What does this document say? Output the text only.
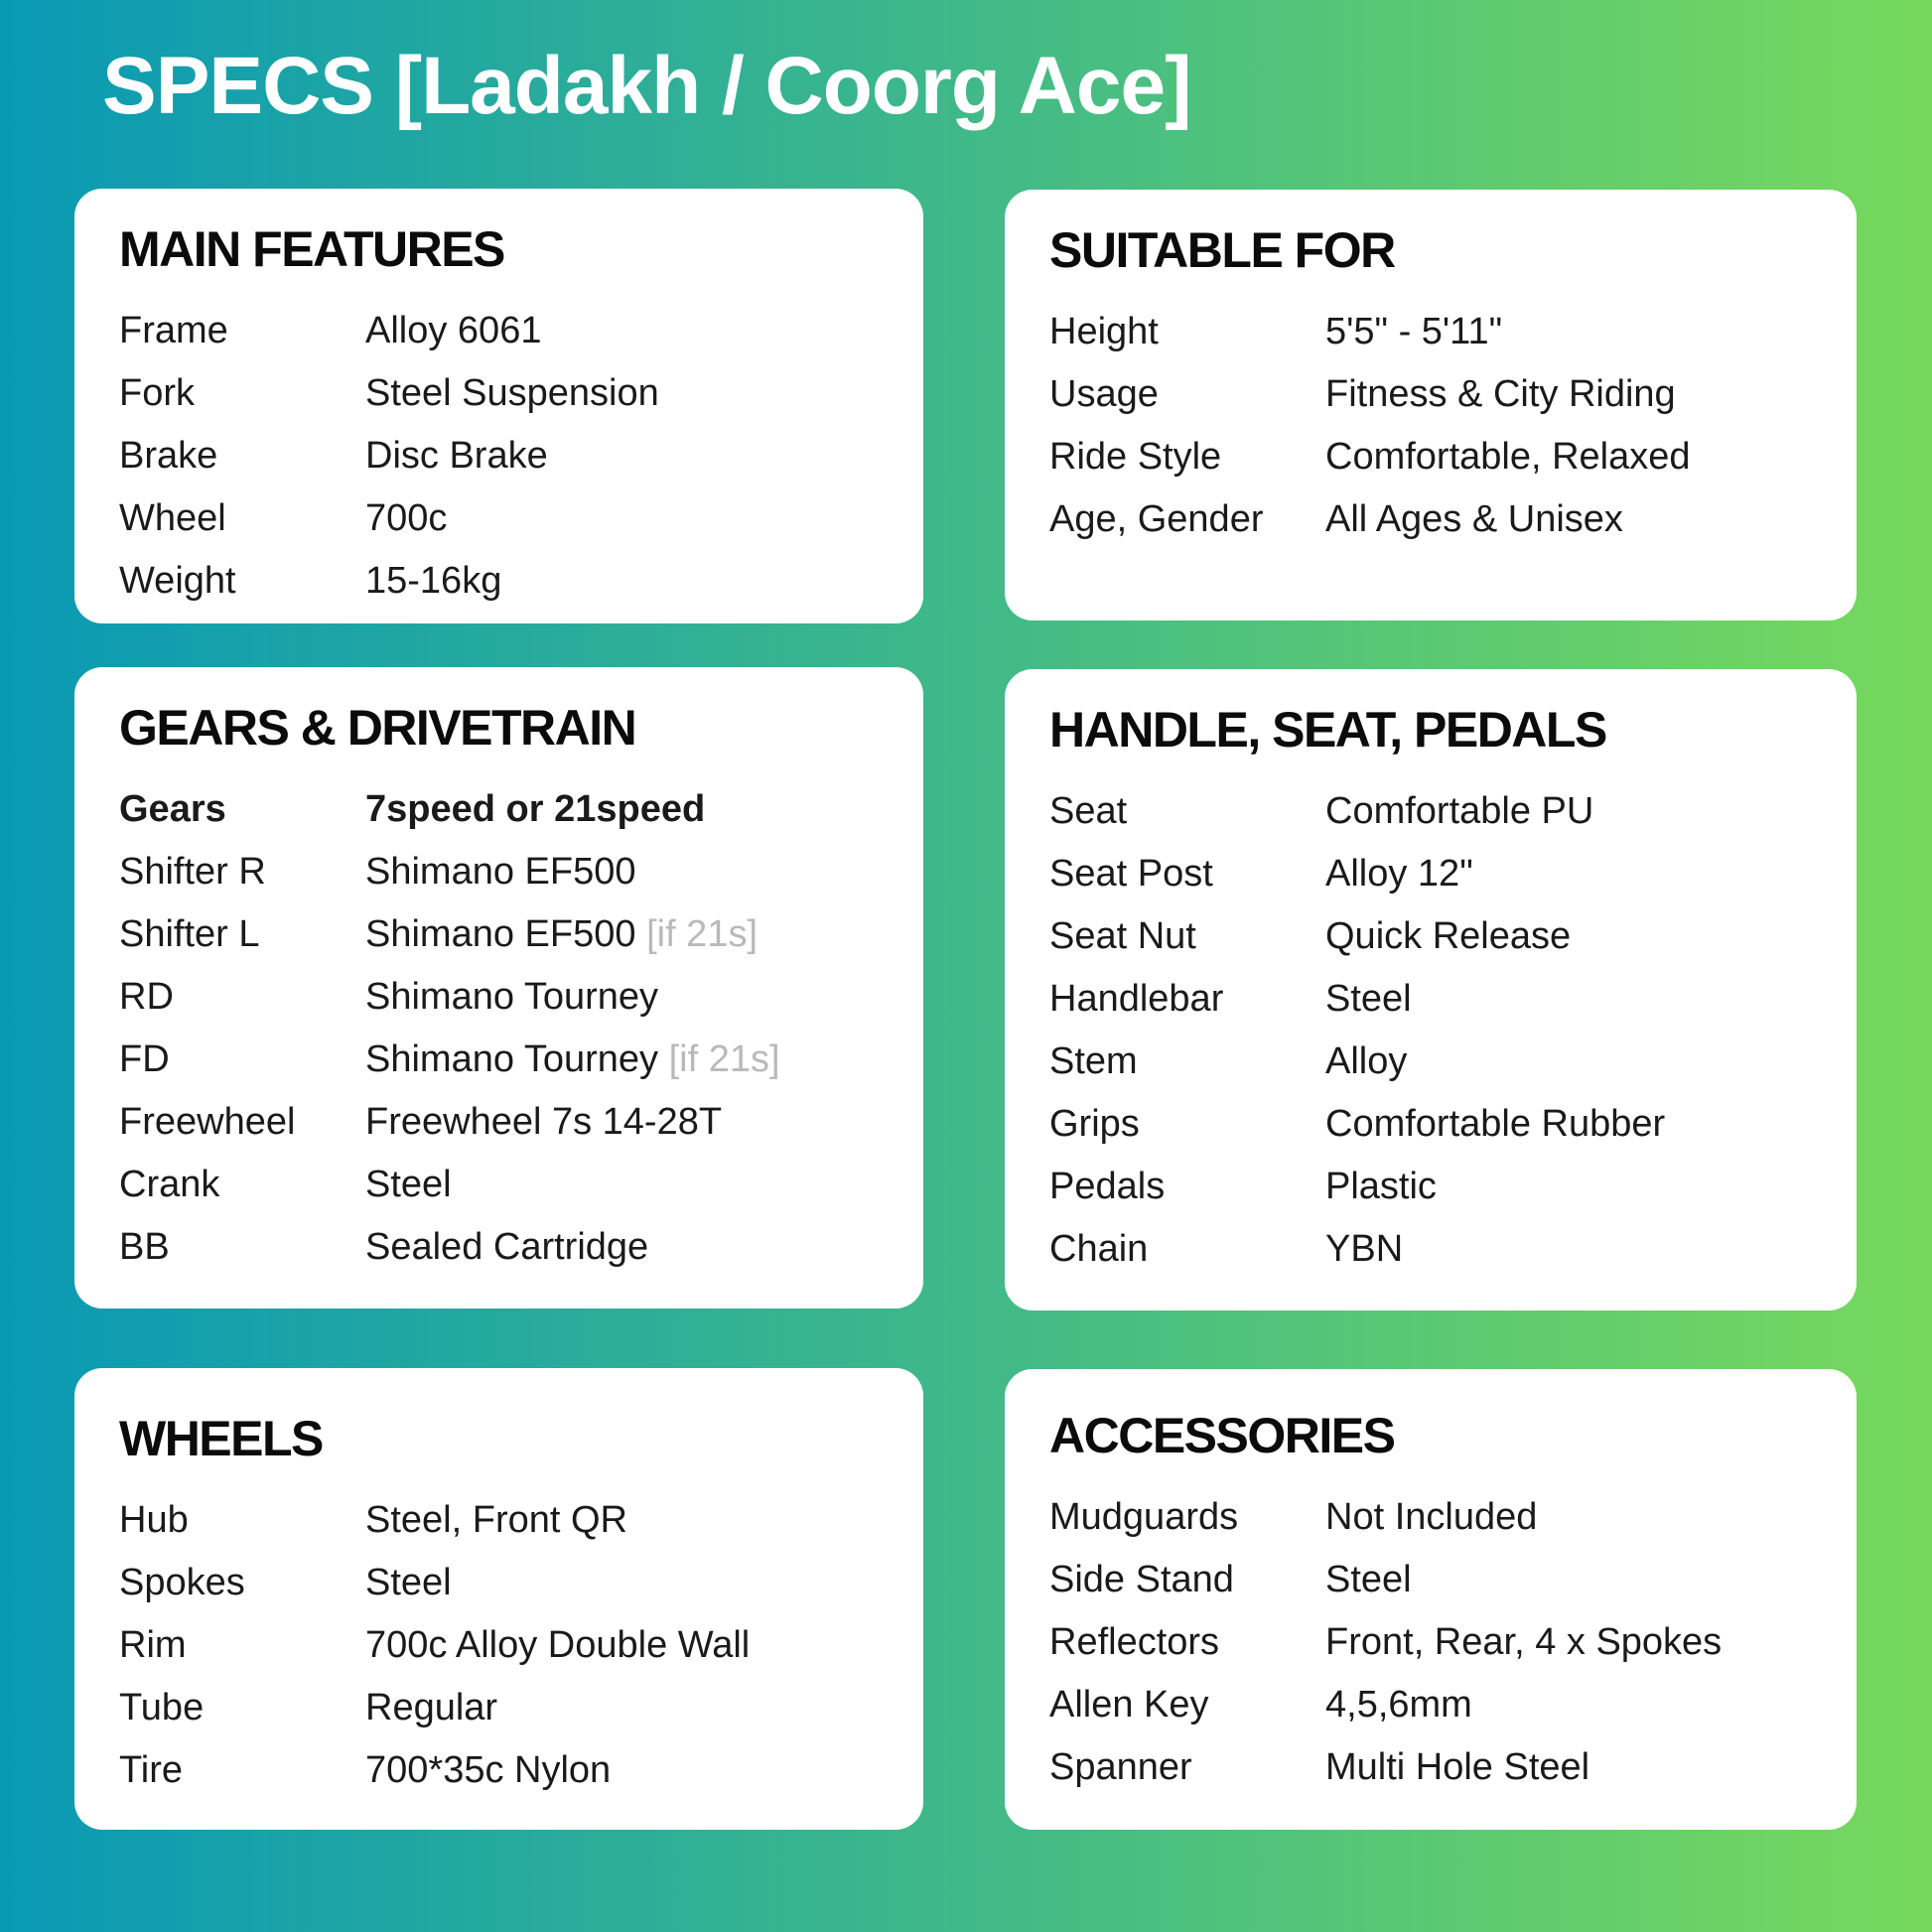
SPECS [Ladakh / Coorg Ace]
MAIN FEATURES
Frame	Alloy 6061
Fork	Steel Suspension
Brake	Disc Brake
Wheel	700c
Weight	15-16kg
SUITABLE FOR
Height	5'5" - 5'11"
Usage	Fitness & City Riding
Ride Style	Comfortable, Relaxed
Age, Gender	All Ages & Unisex
GEARS & DRIVETRAIN
Gears	7speed or 21speed
Shifter R	Shimano EF500
Shifter L	Shimano EF500 [if 21s]
RD	Shimano Tourney
FD	Shimano Tourney [if 21s]
Freewheel	Freewheel 7s 14-28T
Crank	Steel
BB	Sealed Cartridge
HANDLE, SEAT, PEDALS
Seat	Comfortable PU
Seat Post	Alloy 12"
Seat Nut	Quick Release
Handlebar	Steel
Stem	Alloy
Grips	Comfortable Rubber
Pedals	Plastic
Chain	YBN
WHEELS
Hub	Steel, Front QR
Spokes	Steel
Rim	700c Alloy Double Wall
Tube	Regular
Tire	700*35c Nylon
ACCESSORIES
Mudguards	Not Included
Side Stand	Steel
Reflectors	Front, Rear, 4 x Spokes
Allen Key	4,5,6mm
Spanner	Multi Hole Steel
